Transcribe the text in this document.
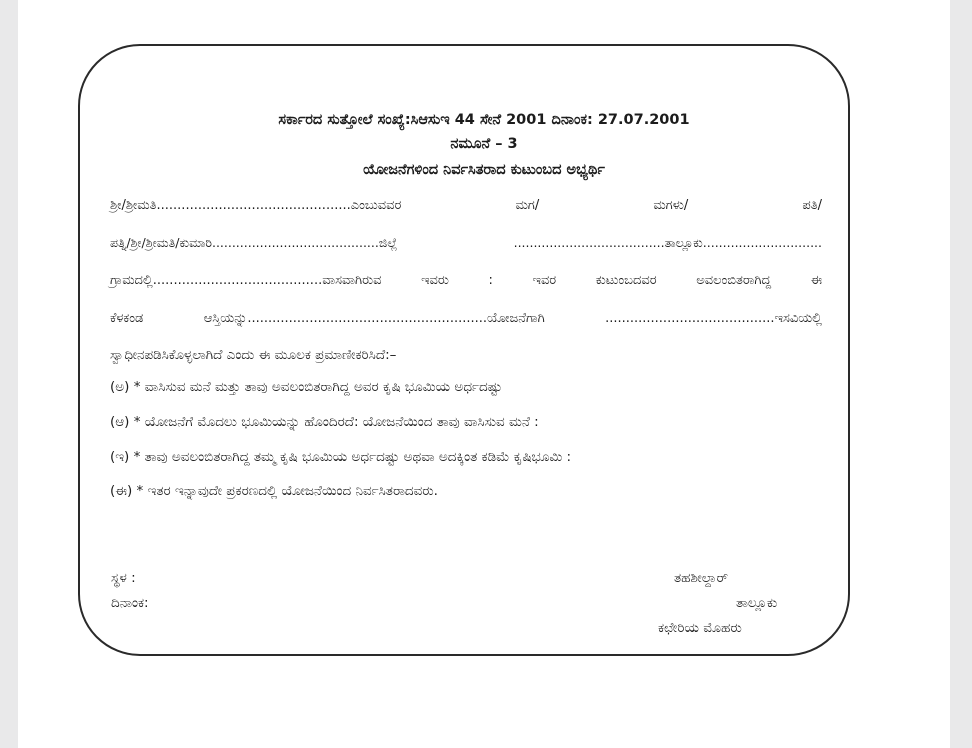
ಸರ್ಕಾರದ ಸುತ್ತೋಲೆ ಸಂಖ್ಯೆ:ಸಿಆಸುಇ 44 ಸೇನೆ 2001 ದಿನಾಂಕ: 27.07.2001
ನಮೂನೆ – 3
ಯೋಜನೆಗಳಿಂದ ನಿರ್ವಸಿತರಾದ ಕುಟುಂಬದ ಅಭ್ಯರ್ಥಿ
ಶ್ರೀ/ಶ್ರೀಮತಿ...............................................ಎಂಬುವವರ ಮಗ/ ಮಗಳು/ ಪತಿ/
ಪತ್ನಿ/ಶ್ರೀ/ಶ್ರೀಮತಿ/ಕುಮಾರಿ..........................................ಜಿಲ್ಲೆ ......................................ತಾಲ್ಲೂಕು..............................
ಗ್ರಾಮದಲ್ಲಿ.........................................ವಾಸವಾಗಿರುವ ಇವರು : ಇವರ ಕುಟುಂಬದವರ ಅವಲಂಬಿತರಾಗಿದ್ದ ಈ
ಕೆಳಕಂಡ ಆಸ್ತಿಯನ್ನು..........................................................ಯೋಜನೆಗಾಗಿ .........................................ಇಸವಿಯಲ್ಲಿ
ಸ್ವಾಧೀನಪಡಿಸಿಕೊಳ್ಳಲಾಗಿದೆ ಎಂದು ಈ ಮೂಲಕ ಪ್ರಮಾಣೀಕರಿಸಿದೆ:–
(ಅ) * ವಾಸಿಸುವ ಮನೆ ಮತ್ತು ತಾವು ಅವಲಂಬಿತರಾಗಿದ್ದ ಅವರ ಕೃಷಿ ಭೂಮಿಯ ಅರ್ಧದಷ್ಟು
(ಆ) * ಯೋಜನೆಗೆ ಮೊದಲು ಭೂಮಿಯನ್ನು ಹೊಂದಿರದೆ: ಯೋಜನೆಯಿಂದ ತಾವು ವಾಸಿಸುವ ಮನೆ :
(ಇ) * ತಾವು ಅವಲಂಬಿತರಾಗಿದ್ದ ತಮ್ಮ ಕೃಷಿ ಭೂಮಿಯ ಅರ್ಧದಷ್ಟು ಅಥವಾ ಅದಕ್ಕಿಂತ ಕಡಿಮೆ ಕೃಷಿಭೂಮಿ :
(ಈ) * ಇತರ ಇನ್ನಾವುದೇ ಪ್ರಕರಣದಲ್ಲಿ ಯೋಜನೆಯಿಂದ ನಿರ್ವಸಿತರಾದವರು.
ಸ್ಥಳ :
ದಿನಾಂಕ:
ತಹಶೀಲ್ದಾರ್
ತಾಲ್ಲೂಕು
ಕಛೇರಿಯ ಮೊಹರು
